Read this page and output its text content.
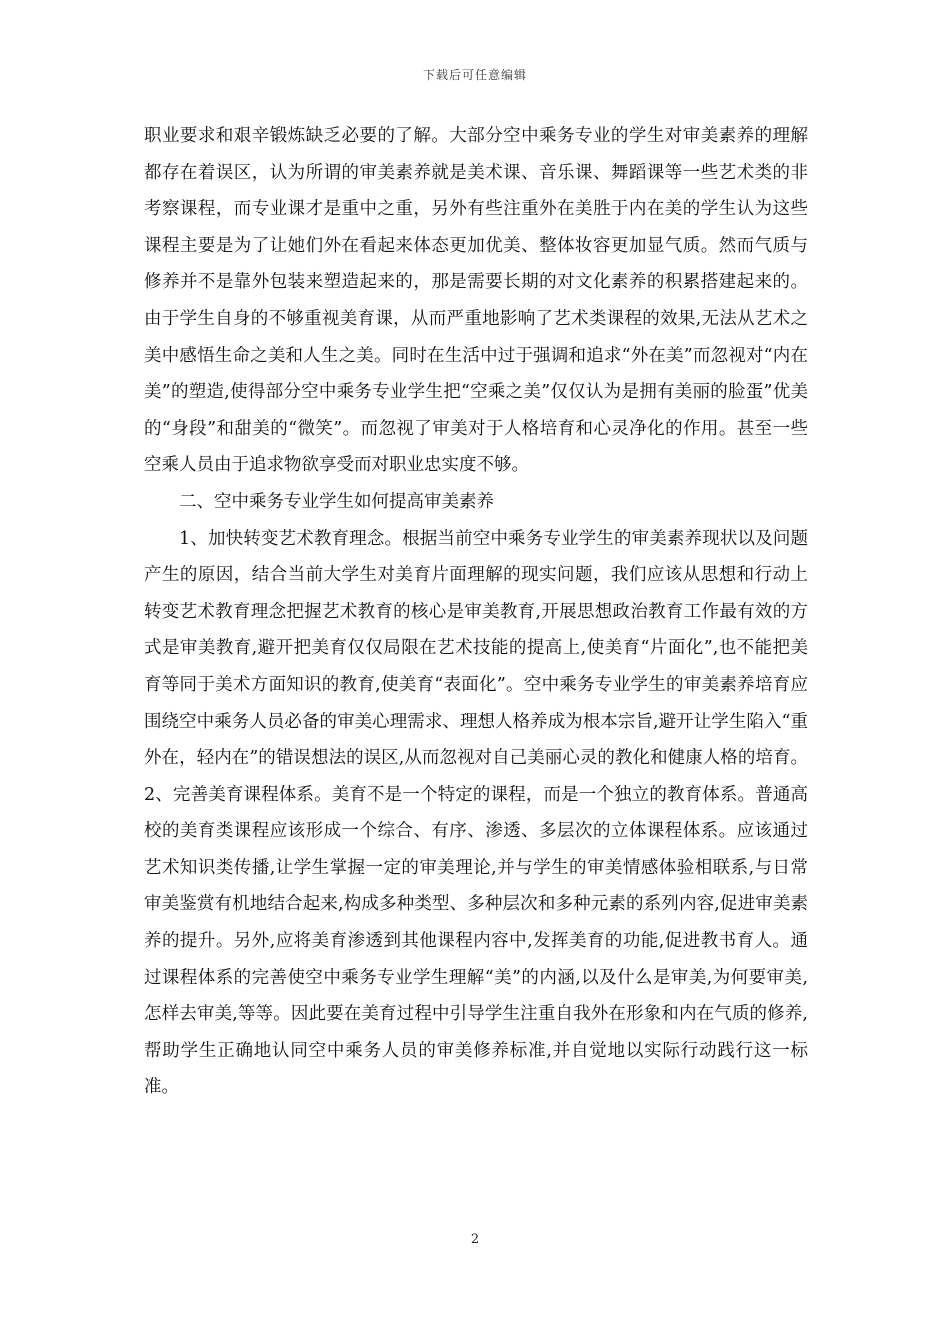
下载后可任意编辑

职业要求和艰辛锻炼缺乏必要的了解。大部分空中乘务专业的学生对审美素养的理解都存在着误区，认为所谓的审美素养就是美术课、音乐课、舞蹈课等一些艺术类的非考察课程，而专业课才是重中之重，另外有些注重外在美胜于内在美的学生认为这些课程主要是为了让她们外在看起来体态更加优美、整体妆容更加显气质。然而气质与修养并不是靠外包装来塑造起来的，那是需要长期的对文化素养的积累搭建起来的。由于学生自身的不够重视美育课，从而严重地影响了艺术类课程的效果,无法从艺术之美中感悟生命之美和人生之美。同时在生活中过于强调和追求“外在美”而忽视对“内在美”的塑造,使得部分空中乘务专业学生把“空乘之美”仅仅认为是拥有美丽的脸蛋”优美的“身段”和甜美的“微笑”。而忽视了审美对于人格培育和心灵净化的作用。甚至一些空乘人员由于追求物欲享受而对职业忠实度不够。

二、空中乘务专业学生如何提高审美素养

1、加快转变艺术教育理念。根据当前空中乘务专业学生的审美素养现状以及问题产生的原因，结合当前大学生对美育片面理解的现实问题，我们应该从思想和行动上转变艺术教育理念把握艺术教育的核心是审美教育,开展思想政治教育工作最有效的方式是审美教育,避开把美育仅仅局限在艺术技能的提高上,使美育“片面化”,也不能把美育等同于美术方面知识的教育,使美育“表面化”。空中乘务专业学生的审美素养培育应围绕空中乘务人员必备的审美心理需求、理想人格养成为根本宗旨,避开让学生陷入“重外在，轻内在”的错误想法的误区,从而忽视对自己美丽心灵的教化和健康人格的培育。2、完善美育课程体系。美育不是一个特定的课程，而是一个独立的教育体系。普通高校的美育类课程应该形成一个综合、有序、渗透、多层次的立体课程体系。应该通过艺术知识类传播,让学生掌握一定的审美理论,并与学生的审美情感体验相联系,与日常审美鉴赏有机地结合起来,构成多种类型、多种层次和多种元素的系列内容,促进审美素养的提升。另外,应将美育渗透到其他课程内容中,发挥美育的功能,促进教书育人。通过课程体系的完善使空中乘务专业学生理解“美”的内涵,以及什么是审美,为何要审美,怎样去审美,等等。因此要在美育过程中引导学生注重自我外在形象和内在气质的修养,帮助学生正确地认同空中乘务人员的审美修养标准,并自觉地以实际行动践行这一标准。

2
